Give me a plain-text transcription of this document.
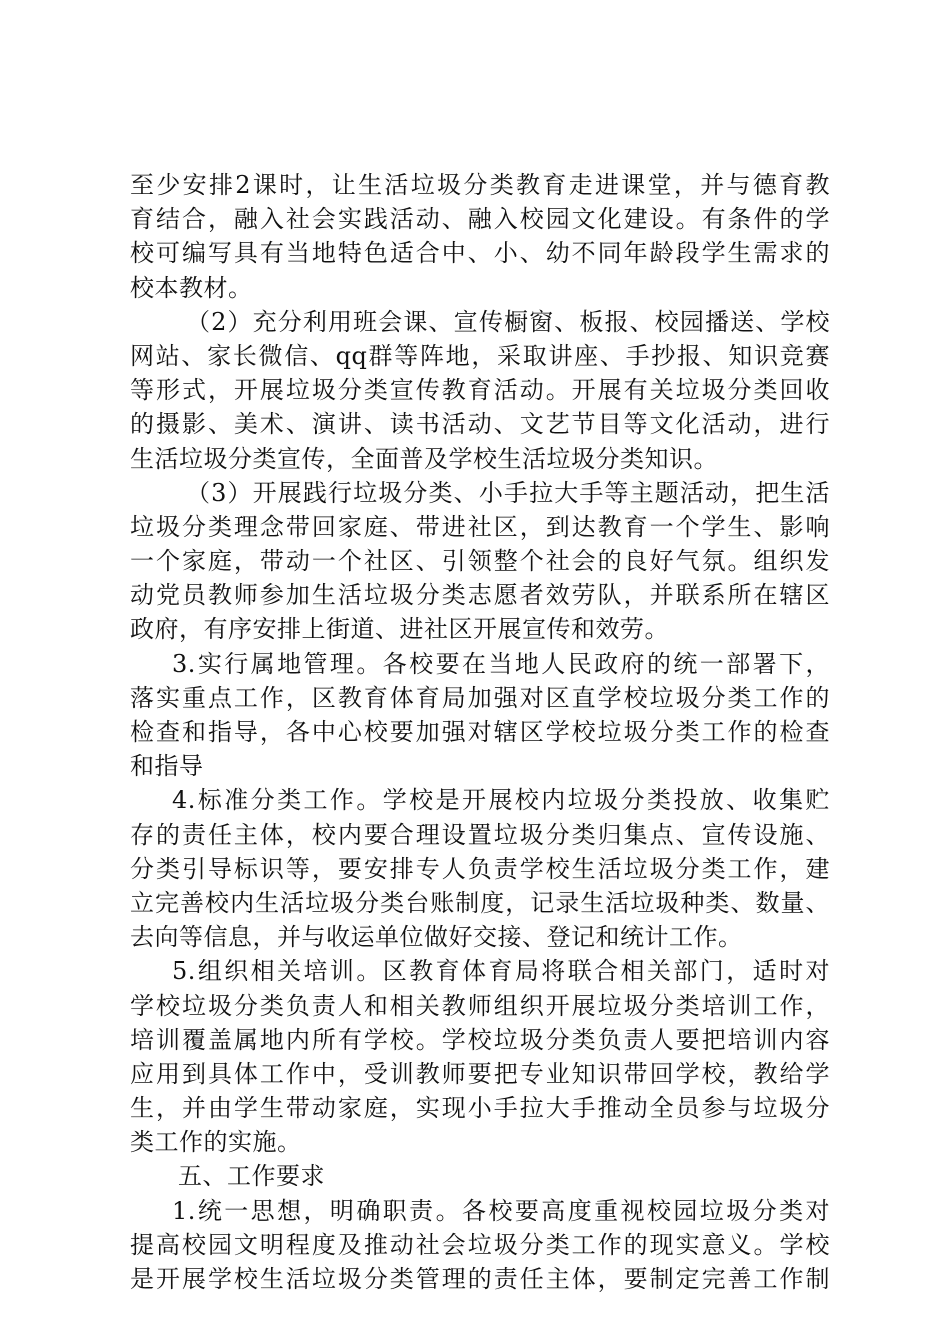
至少安排2课时，让生活垃圾分类教育走进课堂，并与德育教
育结合，融入社会实践活动、融入校园文化建设。有条件的学
校可编写具有当地特色适合中、小、幼不同年龄段学生需求的
校本教材。
（2）充分利用班会课、宣传橱窗、板报、校园播送、学校
网站、家长微信、qq群等阵地，采取讲座、手抄报、知识竞赛
等形式，开展垃圾分类宣传教育活动。开展有关垃圾分类回收
的摄影、美术、演讲、读书活动、文艺节目等文化活动，进行
生活垃圾分类宣传，全面普及学校生活垃圾分类知识。
（3）开展践行垃圾分类、小手拉大手等主题活动，把生活
垃圾分类理念带回家庭、带进社区，到达教育一个学生、影响
一个家庭，带动一个社区、引领整个社会的良好气氛。组织发
动党员教师参加生活垃圾分类志愿者效劳队，并联系所在辖区
政府，有序安排上街道、进社区开展宣传和效劳。
3.实行属地管理。各校要在当地人民政府的统一部署下，
落实重点工作，区教育体育局加强对区直学校垃圾分类工作的
检查和指导，各中心校要加强对辖区学校垃圾分类工作的检查
和指导
4.标准分类工作。学校是开展校内垃圾分类投放、收集贮
存的责任主体，校内要合理设置垃圾分类归集点、宣传设施、
分类引导标识等，要安排专人负责学校生活垃圾分类工作，建
立完善校内生活垃圾分类台账制度，记录生活垃圾种类、数量、
去向等信息，并与收运单位做好交接、登记和统计工作。
5.组织相关培训。区教育体育局将联合相关部门，适时对
学校垃圾分类负责人和相关教师组织开展垃圾分类培训工作，
培训覆盖属地内所有学校。学校垃圾分类负责人要把培训内容
应用到具体工作中，受训教师要把专业知识带回学校，教给学
生，并由学生带动家庭，实现小手拉大手推动全员参与垃圾分
类工作的实施。
五、工作要求
1.统一思想，明确职责。各校要高度重视校园垃圾分类对
提高校园文明程度及推动社会垃圾分类工作的现实意义。学校
是开展学校生活垃圾分类管理的责任主体，要制定完善工作制
